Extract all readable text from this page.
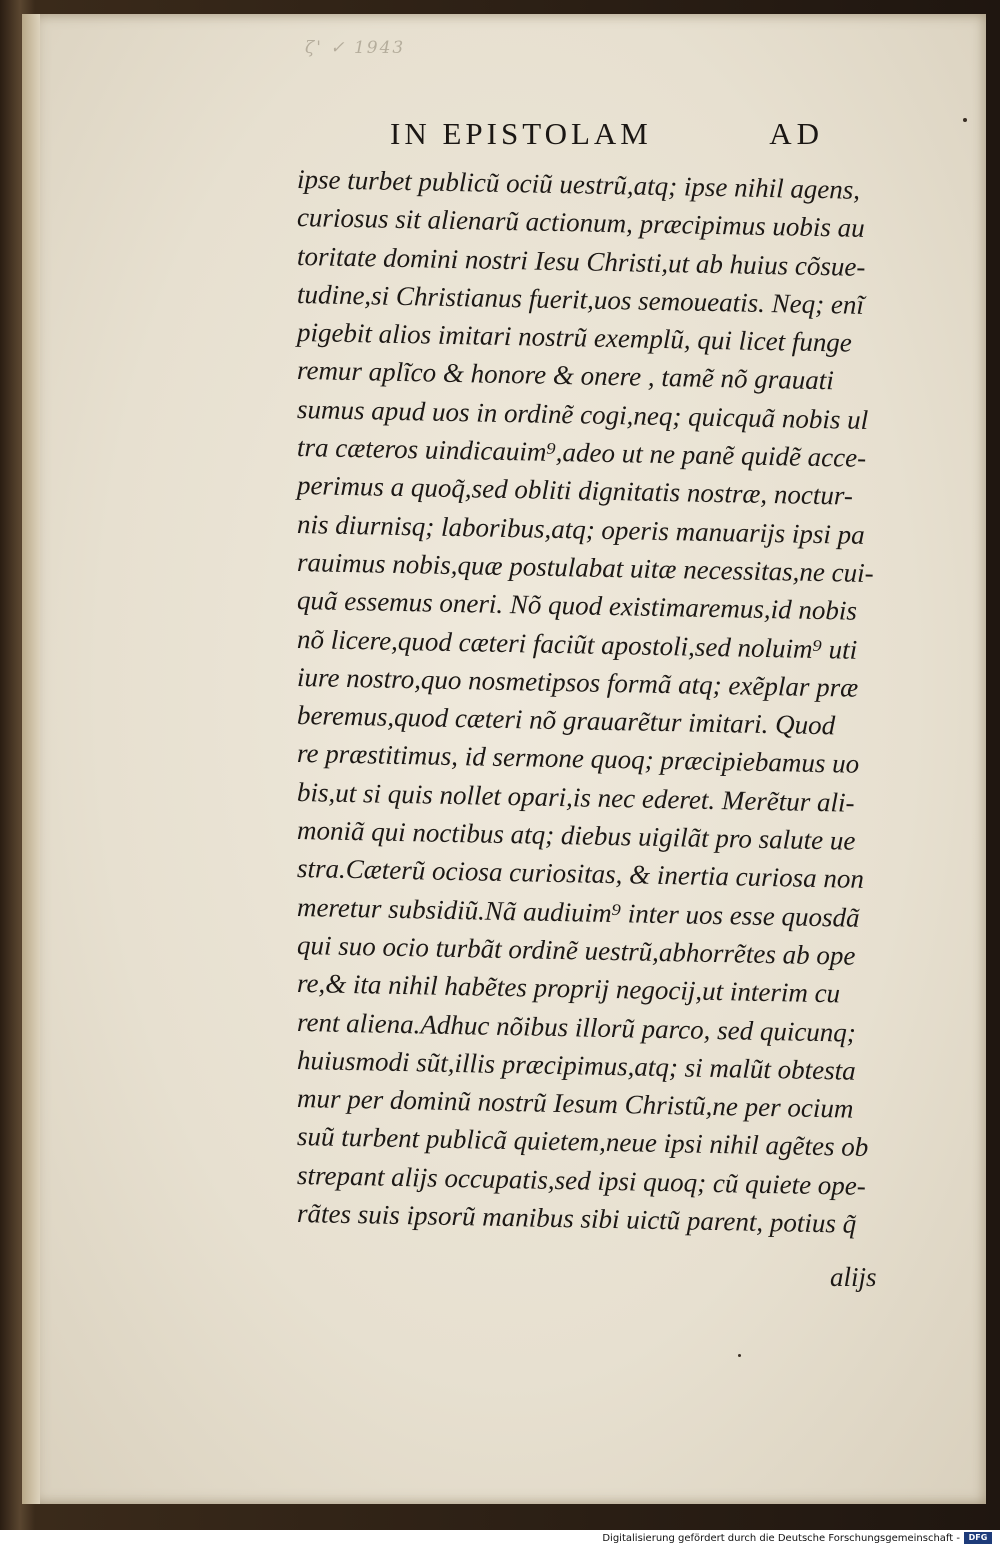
ζ' ✓ 1943
IN EPISTOLAM	AD
ipse turbet publicũ ociũ uestrũ,atq; ipse nihil agens,
curiosus sit alienarũ actionum, præcipimus uobis au
toritate domini nostri Iesu Christi,ut ab huius cõsue-
tudine,si Christianus fuerit,uos semoueatis. Neq; enĩ
pigebit alios imitari nostrũ exemplũ, qui licet funge
remur aplĩco & honore & onere , tamẽ nõ grauati
sumus apud uos in ordinẽ cogi,neq; quicquã nobis ul
tra cæteros uindicauim⁹,adeo ut ne panẽ quidẽ acce-
perimus a quoq̃,sed obliti dignitatis nostræ, noctur-
nis diurnisq; laboribus,atq; operis manuarijs ipsi pa
rauimus nobis,quæ postulabat uitæ necessitas,ne cui-
quã essemus oneri. Nõ quod existimaremus,id nobis
nõ licere,quod cæteri faciũt apostoli,sed noluim⁹ uti
iure nostro,quo nosmetipsos formã atq; exẽplar præ
beremus,quod cæteri nõ grauarẽtur imitari. Quod
re præstitimus, id sermone quoq; præcipiebamus uo
bis,ut si quis nollet opari,is nec ederet. Merẽtur ali-
moniã qui noctibus atq; diebus uigilãt pro salute ue
stra.Cæterũ ociosa curiositas, & inertia curiosa non
meretur subsidiũ.Nã audiuim⁹ inter uos esse quosdã
qui suo ocio turbãt ordinẽ uestrũ,abhorrẽtes ab ope
re,& ita nihil habẽtes proprij negocij,ut interim cu
rent aliena.Adhuc nõibus illorũ parco, sed quicunq;
huiusmodi sũt,illis præcipimus,atq; si malũt obtesta
mur per dominũ nostrũ Iesum Christũ,ne per ocium
suũ turbent publicã quietem,neue ipsi nihil agẽtes ob
strepant alijs occupatis,sed ipsi quoq; cũ quiete ope-
rãtes suis ipsorũ manibus sibi uictũ parent, potius q̃
alijs
Digitalisierung gefördert durch die Deutsche Forschungsgemeinschaft -	DFG
